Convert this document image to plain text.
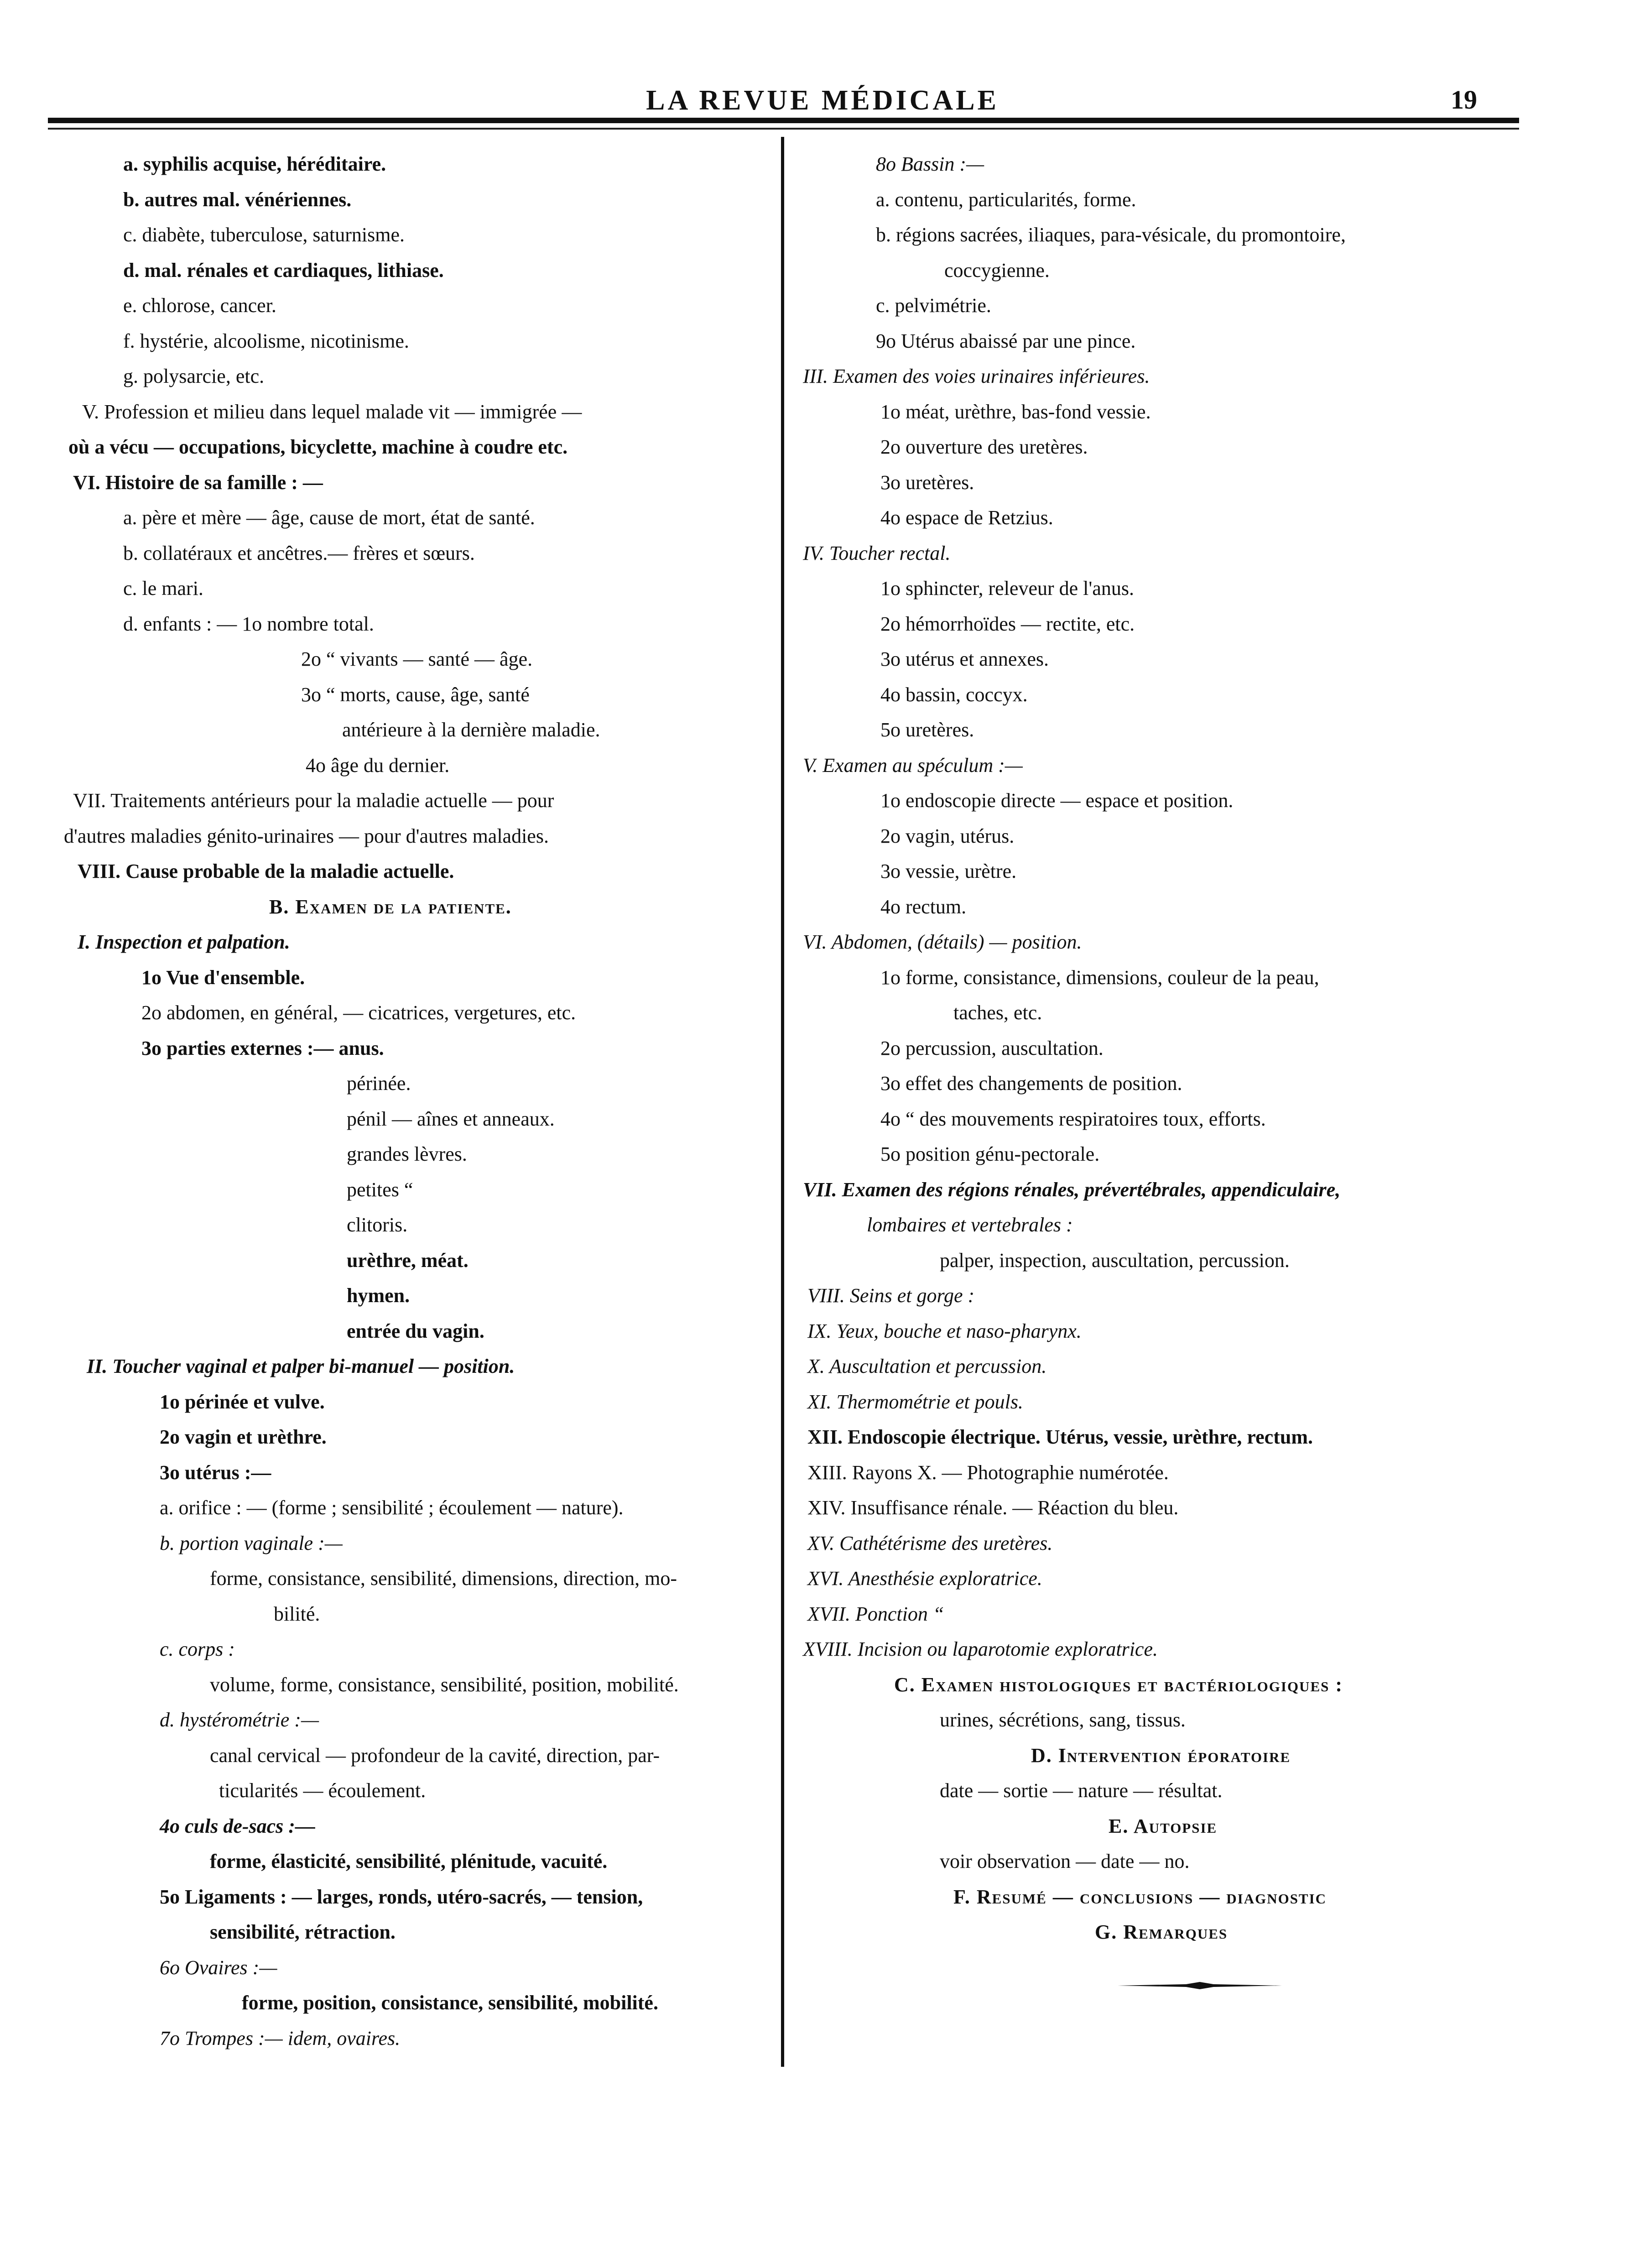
LA REVUE MÉDICALE	19
a. syphilis acquise, héréditaire.
b. autres mal. vénériennes.
c. diabète, tuberculose, saturnisme.
d. mal. rénales et cardiaques, lithiase.
e. chlorose, cancer.
f. hystérie, alcoolisme, nicotinisme.
g. polysarcie, etc.
V. Profession et milieu dans lequel malade vit — immigrée —
où a vécu — occupations, bicyclette, machine à coudre etc.
VI. Histoire de sa famille : —
a. père et mère — âge, cause de mort, état de santé.
b. collatéraux et ancêtres.— frères et sœurs.
c. le mari.
d. enfants : — 1o nombre total.
2o “ vivants — santé — âge.
3o “ morts, cause, âge, santé
antérieure à la dernière maladie.
4o âge du dernier.
VII. Traitements antérieurs pour la maladie actuelle — pour
d'autres maladies génito-urinaires — pour d'autres maladies.
VIII. Cause probable de la maladie actuelle.
B. Examen de la patiente.
I. Inspection et palpation.
1o Vue d'ensemble.
2o abdomen, en général, — cicatrices, vergetures, etc.
3o parties externes :— anus.
périnée.
pénil — aînes et anneaux.
grandes lèvres.
petites “
clitoris.
urèthre, méat.
hymen.
entrée du vagin.
II. Toucher vaginal et palper bi-manuel — position.
1o périnée et vulve.
2o vagin et urèthre.
3o utérus :—
a. orifice : — (forme ; sensibilité ; écoulement — nature).
b. portion vaginale :—
forme, consistance, sensibilité, dimensions, direction, mo-
bilité.
c. corps :
volume, forme, consistance, sensibilité, position, mobilité.
d. hystérométrie :—
canal cervical — profondeur de la cavité, direction, par-
ticularités — écoulement.
4o culs de-sacs :—
forme, élasticité, sensibilité, plénitude, vacuité.
5o Ligaments : — larges, ronds, utéro-sacrés, — tension,
sensibilité, rétraction.
6o Ovaires :—
forme, position, consistance, sensibilité, mobilité.
7o Trompes :— idem, ovaires.
8o Bassin :—
a. contenu, particularités, forme.
b. régions sacrées, iliaques, para-vésicale, du promontoire,
coccygienne.
c. pelvimétrie.
9o Utérus abaissé par une pince.
III. Examen des voies urinaires inférieures.
1o méat, urèthre, bas-fond vessie.
2o ouverture des uretères.
3o uretères.
4o espace de Retzius.
IV. Toucher rectal.
1o sphincter, releveur de l'anus.
2o hémorrhoïdes — rectite, etc.
3o utérus et annexes.
4o bassin, coccyx.
5o uretères.
V. Examen au spéculum :—
1o endoscopie directe — espace et position.
2o vagin, utérus.
3o vessie, urètre.
4o rectum.
VI. Abdomen, (détails) — position.
1o forme, consistance, dimensions, couleur de la peau,
taches, etc.
2o percussion, auscultation.
3o effet des changements de position.
4o “ des mouvements respiratoires toux, efforts.
5o position génu-pectorale.
VII. Examen des régions rénales, prévertébrales, appendiculaire,
lombaires et vertebrales :
palper, inspection, auscultation, percussion.
VIII. Seins et gorge :
IX. Yeux, bouche et naso-pharynx.
X. Auscultation et percussion.
XI. Thermométrie et pouls.
XII. Endoscopie électrique. Utérus, vessie, urèthre, rectum.
XIII. Rayons X. — Photographie numérotée.
XIV. Insuffisance rénale. — Réaction du bleu.
XV. Cathétérisme des uretères.
XVI. Anesthésie exploratrice.
XVII. Ponction “
XVIII. Incision ou laparotomie exploratrice.
C. Examen histologiques et bactériologiques :
urines, sécrétions, sang, tissus.
D. Intervention époratoire
date — sortie — nature — résultat.
E. Autopsie
voir observation — date — no.
F. Resumé — conclusions — diagnostic
G. Remarques
